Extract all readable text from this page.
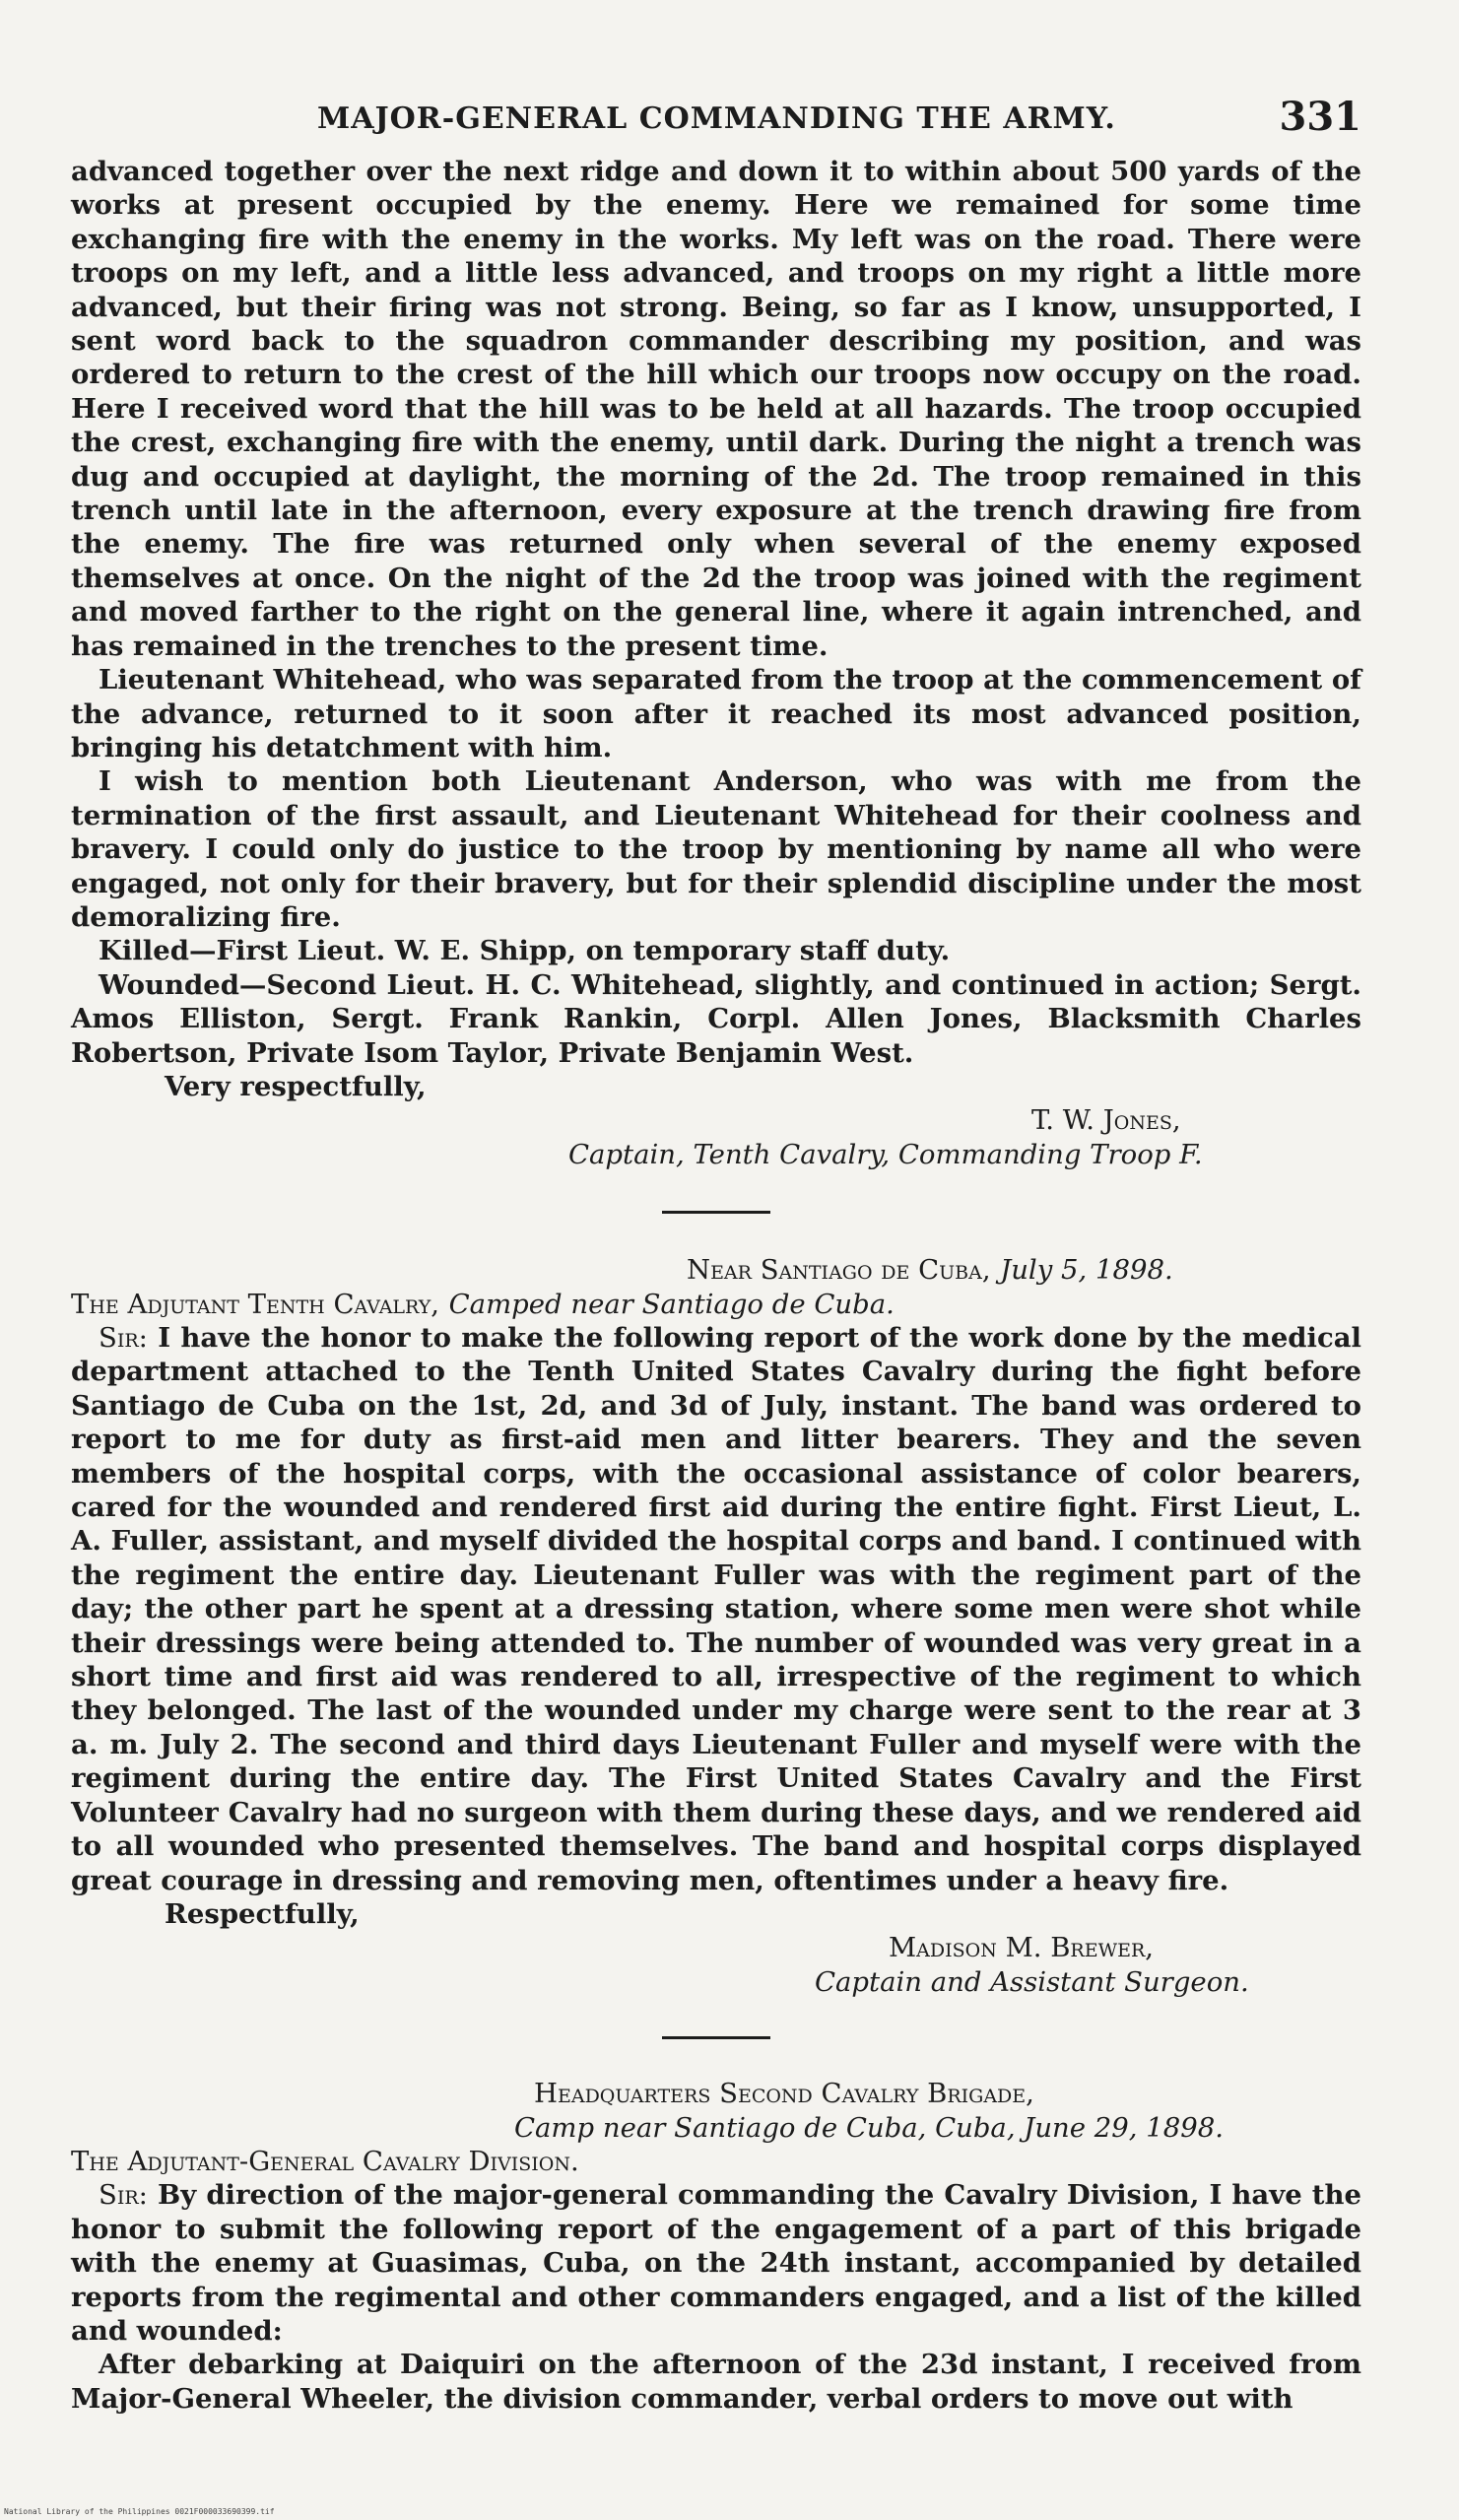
MAJOR-GENERAL COMMANDING THE ARMY.	331

advanced together over the next ridge and down it to within about 500 yards of the works at present occupied by the enemy. Here we remained for some time exchanging fire with the enemy in the works. My left was on the road. There were troops on my left, and a little less advanced, and troops on my right a little more advanced, but their firing was not strong. Being, so far as I know, unsupported, I sent word back to the squadron commander describing my position, and was ordered to return to the crest of the hill which our troops now occupy on the road. Here I received word that the hill was to be held at all hazards. The troop occupied the crest, exchanging fire with the enemy, until dark. During the night a trench was dug and occupied at daylight, the morning of the 2d. The troop remained in this trench until late in the afternoon, every exposure at the trench drawing fire from the enemy. The fire was returned only when several of the enemy exposed themselves at once. On the night of the 2d the troop was joined with the regiment and moved farther to the right on the general line, where it again intrenched, and has remained in the trenches to the present time.

Lieutenant Whitehead, who was separated from the troop at the commencement of the advance, returned to it soon after it reached its most advanced position, bringing his detatchment with him.

I wish to mention both Lieutenant Anderson, who was with me from the termination of the first assault, and Lieutenant Whitehead for their coolness and bravery. I could only do justice to the troop by mentioning by name all who were engaged, not only for their bravery, but for their splendid discipline under the most demoralizing fire.

Killed—First Lieut. W. E. Shipp, on temporary staff duty.

Wounded—Second Lieut. H. C. Whitehead, slightly, and continued in action; Sergt. Amos Elliston, Sergt. Frank Rankin, Corpl. Allen Jones, Blacksmith Charles Robertson, Private Isom Taylor, Private Benjamin West.

Very respectfully,

T. W. Jones,

Captain, Tenth Cavalry, Commanding Troop F.

Near Santiago de Cuba, July 5, 1898.

The Adjutant Tenth Cavalry, Camped near Santiago de Cuba.

Sir: I have the honor to make the following report of the work done by the medical department attached to the Tenth United States Cavalry during the fight before Santiago de Cuba on the 1st, 2d, and 3d of July, instant. The band was ordered to report to me for duty as first-aid men and litter bearers. They and the seven members of the hospital corps, with the occasional assistance of color bearers, cared for the wounded and rendered first aid during the entire fight. First Lieut, L. A. Fuller, assistant, and myself divided the hospital corps and band. I continued with the regiment the entire day. Lieutenant Fuller was with the regiment part of the day; the other part he spent at a dressing station, where some men were shot while their dressings were being attended to. The number of wounded was very great in a short time and first aid was rendered to all, irrespective of the regiment to which they belonged. The last of the wounded under my charge were sent to the rear at 3 a. m. July 2. The second and third days Lieutenant Fuller and myself were with the regiment during the entire day. The First United States Cavalry and the First Volunteer Cavalry had no surgeon with them during these days, and we rendered aid to all wounded who presented themselves. The band and hospital corps displayed great courage in dressing and removing men, oftentimes under a heavy fire.

Respectfully,

Madison M. Brewer,

Captain and Assistant Surgeon.

Headquarters Second Cavalry Brigade,

Camp near Santiago de Cuba, Cuba, June 29, 1898.

The Adjutant-General Cavalry Division.

Sir: By direction of the major-general commanding the Cavalry Division, I have the honor to submit the following report of the engagement of a part of this brigade with the enemy at Guasimas, Cuba, on the 24th instant, accompanied by detailed reports from the regimental and other commanders engaged, and a list of the killed and wounded:

After debarking at Daiquiri on the afternoon of the 23d instant, I received from Major-General Wheeler, the division commander, verbal orders to move out with

National Library of the Philippines 0021F000033690399.tif
